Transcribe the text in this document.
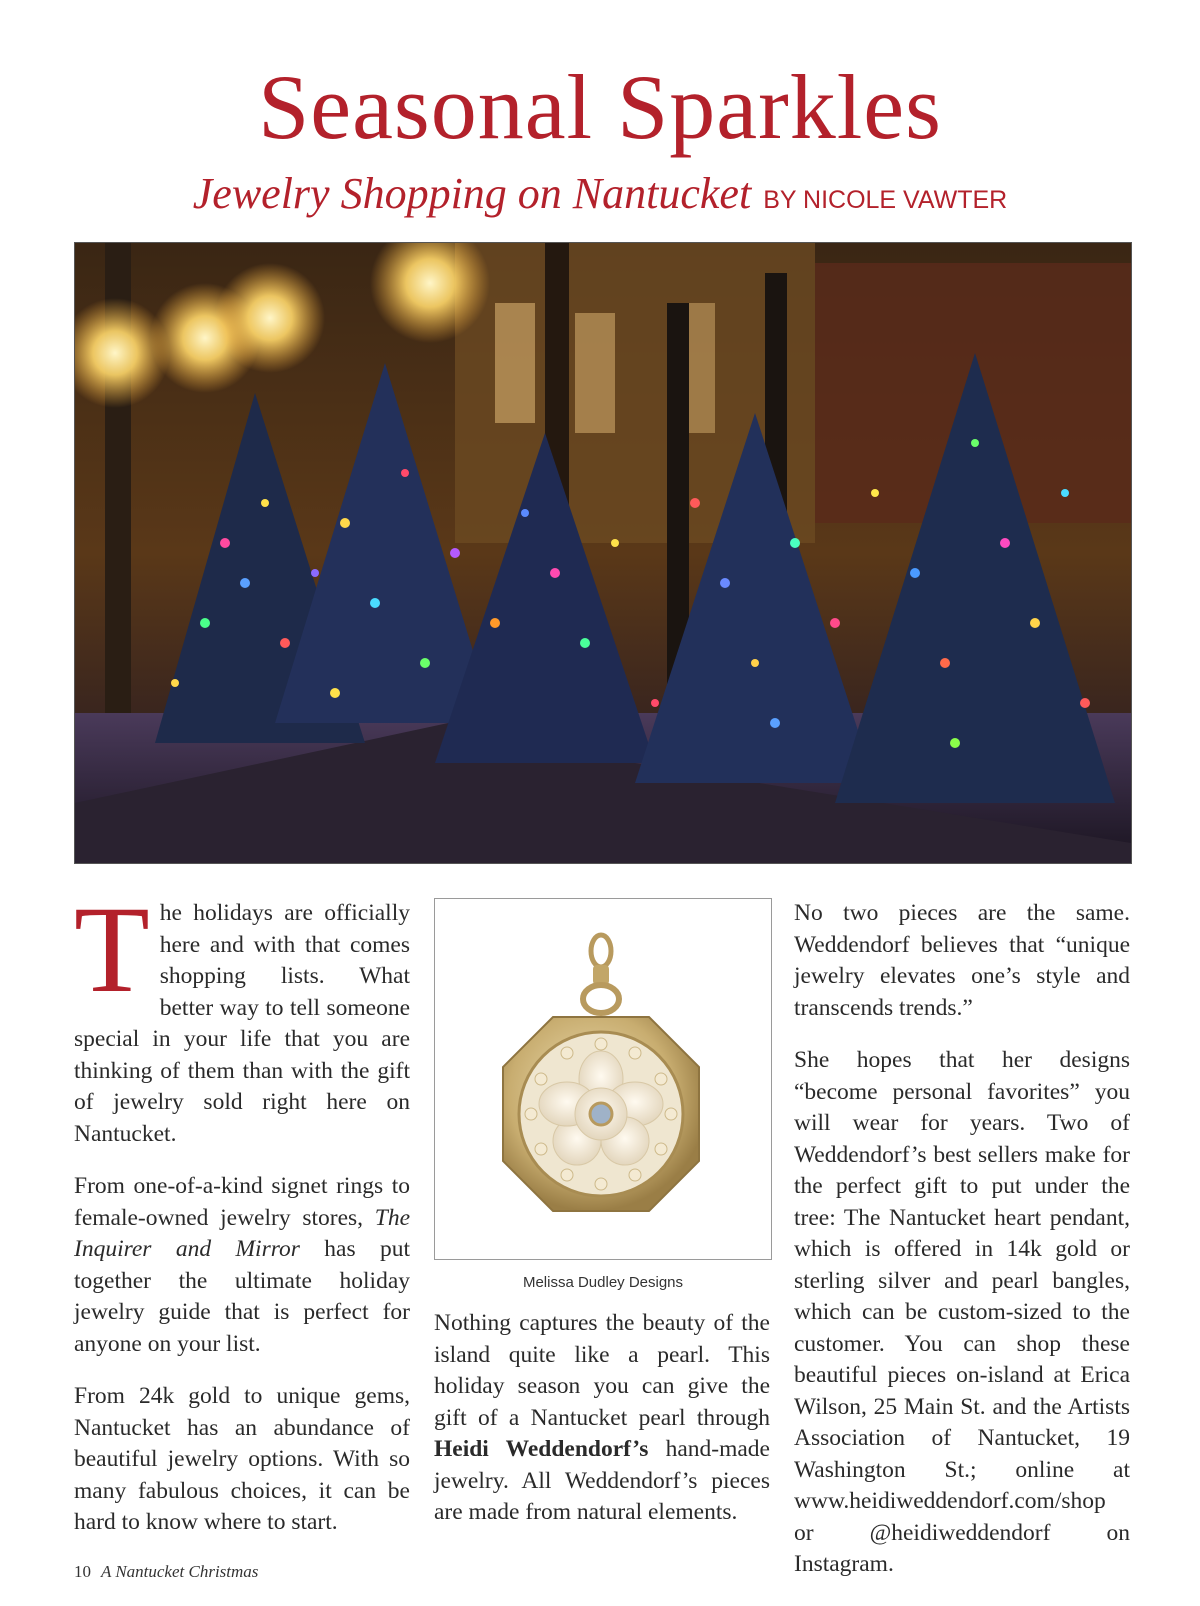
Seasonal Sparkles
Jewelry Shopping on Nantucket BY NICOLE VAWTER

The holidays are officially here and with that comes shopping lists. What better way to tell someone special in your life that you are thinking of them than with the gift of jewelry sold right here on Nantucket.

From one-of-a-kind signet rings to female-owned jewelry stores, The Inquirer and Mirror has put together the ultimate holiday jewelry guide that is perfect for anyone on your list.

From 24k gold to unique gems, Nantucket has an abundance of beautiful jewelry options. With so many fabulous choices, it can be hard to know where to start.

Melissa Dudley Designs

Nothing captures the beauty of the island quite like a pearl. This holiday season you can give the gift of a Nantucket pearl through Heidi Weddendorf’s hand-made jewelry. All Weddendorf’s pieces are made from natural elements.

No two pieces are the same. Weddendorf believes that “unique jewelry elevates one’s style and transcends trends.”

She hopes that her designs “become personal favorites” you will wear for years. Two of Weddendorf’s best sellers make for the perfect gift to put under the tree: The Nantucket heart pendant, which is offered in 14k gold or sterling silver and pearl bangles, which can be custom-sized to the customer. You can shop these beautiful pieces on-island at Erica Wilson, 25 Main St. and the Artists Association of Nantucket, 19 Washington St.; online at www.heidiweddendorf.com/shop or @heidiweddendorf on Instagram.

10 A Nantucket Christmas
